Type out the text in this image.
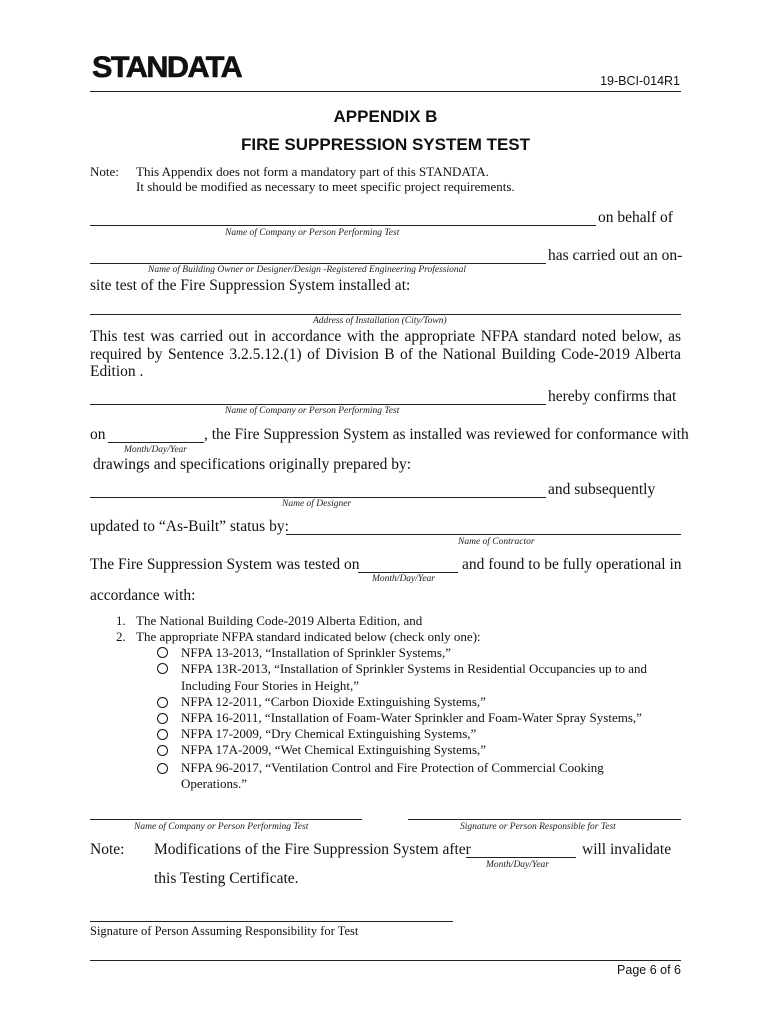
STANDATA	19-BCI-014R1
APPENDIX B
FIRE SUPPRESSION SYSTEM TEST
Note: This Appendix does not form a mandatory part of this STANDATA.
It should be modified as necessary to meet specific project requirements.
on behalf of
Name of Company or Person Performing Test
has carried out an on-
Name of Building Owner or Designer/Design -Registered Engineering Professional
site test of the Fire Suppression System installed at:
Address of Installation (City/Town)
This test was carried out in accordance with the appropriate NFPA standard noted below, as required by Sentence 3.2.5.12.(1) of Division B of the National Building Code-2019 Alberta Edition .
hereby confirms that
Name of Company or Person Performing Test
on	, the Fire Suppression System as installed was reviewed for conformance with
Month/Day/Year
drawings and specifications originally prepared by:
and subsequently
Name of Designer
updated to “As-Built” status by:
Name of Contractor
The Fire Suppression System was tested on	and found to be fully operational in
Month/Day/Year
accordance with:
1. The National Building Code-2019 Alberta Edition, and
2. The appropriate NFPA standard indicated below (check only one):
NFPA 13-2013, “Installation of Sprinkler Systems,”
NFPA 13R-2013, “Installation of Sprinkler Systems in Residential Occupancies up to and
Including Four Stories in Height,”
NFPA 12-2011, “Carbon Dioxide Extinguishing Systems,”
NFPA 16-2011, “Installation of Foam-Water Sprinkler and Foam-Water Spray Systems,”
NFPA 17-2009, “Dry Chemical Extinguishing Systems,”
NFPA 17A-2009, “Wet Chemical Extinguishing Systems,”
NFPA 96-2017, “Ventilation Control and Fire Protection of Commercial Cooking
Operations.”
Name of Company or Person Performing Test	Signature or Person Responsible for Test
Note: Modifications of the Fire Suppression System after	will invalidate
Month/Day/Year
this Testing Certificate.
Signature of Person Assuming Responsibility for Test
Page 6 of 6
